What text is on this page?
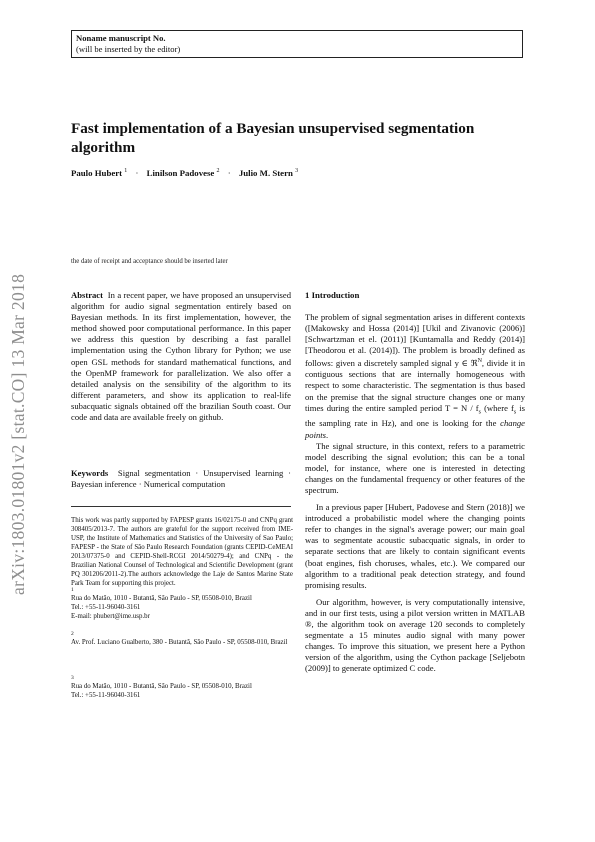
Noname manuscript No.
(will be inserted by the editor)
arXiv:1803.01801v2 [stat.CO] 13 Mar 2018
Fast implementation of a Bayesian unsupervised segmentation algorithm
Paulo Hubert $^1$ · Linilson Padovese $^2$ · Julio M. Stern $^3$
the date of receipt and acceptance should be inserted later
Abstract In a recent paper, we have proposed an unsupervised algorithm for audio signal segmentation entirely based on Bayesian methods. In its first implementation, however, the method showed poor computational performance. In this paper we address this question by describing a fast parallel implementation using the Cython library for Python; we use open GSL methods for standard mathematical functions, and the OpenMP framework for parallelization. We also offer a detailed analysis on the sensibility of the algorithm to its different parameters, and show its application to real-life subacquatic signals obtained off the brazilian South coast. Our code and data are available freely on github.
Keywords Signal segmentation · Unsupervised learning · Bayesian inference · Numerical computation
This work was partly supported by FAPESP grants 16/02175-0 and CNPq grant 308405/2013-7. The authors are grateful for the support received from IME-USP, the Institute of Mathematics and Statistics of the University of Sao Paulo; FAPESP - the State of São Paulo Research Foundation (grants CEPID-CeMEAI 2013/07375-0 and CEPID-Shell-RCGI 2014/50279-4); and CNPq - the Brazilian National Counsel of Technological and Scientific Development (grant PQ 301206/2011-2).The authors acknowledge the Laje de Santos Marine State Park Team for supporting this project.
1
Rua do Matão, 1010 - Butantã, São Paulo - SP, 05508-010, Brazil
Tel.: +55-11-96040-3161
E-mail: phubert@ime.usp.br
2
Av. Prof. Luciano Gualberto, 380 - Butantã, São Paulo - SP, 05508-010, Brazil
3
Rua do Matão, 1010 - Butantã, São Paulo - SP, 05508-010, Brazil
Tel.: +55-11-96040-3161
1 Introduction

The problem of signal segmentation arises in different contexts ([Makowsky and Hossa (2014)] [Ukil and Zivanovic (2006)] [Schwartzman et el. (2011)] [Kuntamalla and Reddy (2014)] [Theodorou et al. (2014)]). The problem is broadly defined as follows: given a discretely sampled signal y ∈ ℜ$^N$, divide it in contiguous sections that are internally homogeneous with respect to some characteristic. The segmentation is thus based on the premise that the signal structure changes one or many times during the entire sampled period $T = N / f_s$ (where $f_s$ is the sampling rate in Hz), and one is looking for the change points.

The signal structure, in this context, refers to a parametric model describing the signal evolution; this can be a tonal model, for instance, where one is interested in detecting changes on the fundamental frequency or other features of the spectrum.

In a previous paper [Hubert, Padovese and Stern (2018)] we introduced a probabilistic model where the changing points refer to changes in the signal's average power; our main goal was to segmentate acoustic subacquatic signals, in order to separate sections that are likely to contain significant events (boat engines, fish choruses, whales, etc.). We compared our algorithm to a traditional peak detection strategy, and found promising results.

Our algorithm, however, is very computationally intensive, and in our first tests, using a pilot version written in MATLAB ®, the algorithm took on average 120 seconds to completely segmentate a 15 minutes audio signal with many power changes. To improve this situation, we present here a Python version of the algorithm, using the Cython package [Seljebotn (2009)] to generate optimized C code.
